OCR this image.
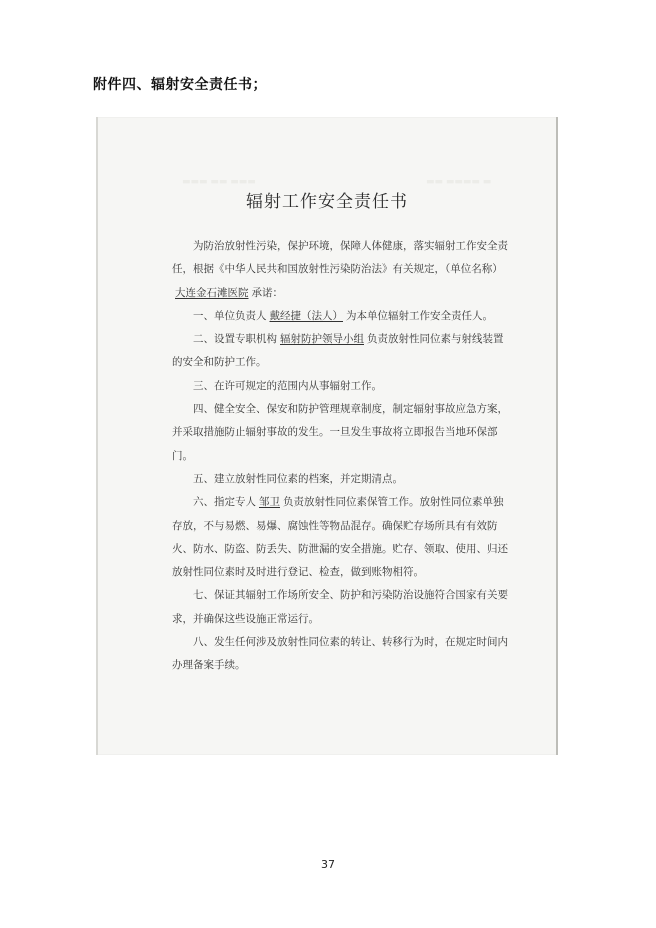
附件四、辐射安全责任书；
▬▬▬ ▬▬ ▬▬▬	▬▬ ▬▬▬▬ ▬
辐射工作安全责任书

为防治放射性污染，保护环境，保障人体健康，落实辐射工作安全责任，根据《中华人民共和国放射性污染防治法》有关规定，（单位名称）大连金石滩医院 承诺：

一、单位负责人 戴经捷（法人） 为本单位辐射工作安全责任人。

二、设置专职机构 辐射防护领导小组 负责放射性同位素与射线装置的安全和防护工作。

三、在许可规定的范围内从事辐射工作。

四、健全安全、保安和防护管理规章制度，制定辐射事故应急方案，并采取措施防止辐射事故的发生。一旦发生事故将立即报告当地环保部门。

五、建立放射性同位素的档案，并定期清点。

六、指定专人 邹卫 负责放射性同位素保管工作。放射性同位素单独存放，不与易燃、易爆、腐蚀性等物品混存。确保贮存场所具有有效防火、防水、防盗、防丢失、防泄漏的安全措施。贮存、领取、使用、归还放射性同位素时及时进行登记、检查，做到账物相符。

七、保证其辐射工作场所安全、防护和污染防治设施符合国家有关要求，并确保这些设施正常运行。

八、发生任何涉及放射性同位素的转让、转移行为时，在规定时间内办理备案手续。

37
